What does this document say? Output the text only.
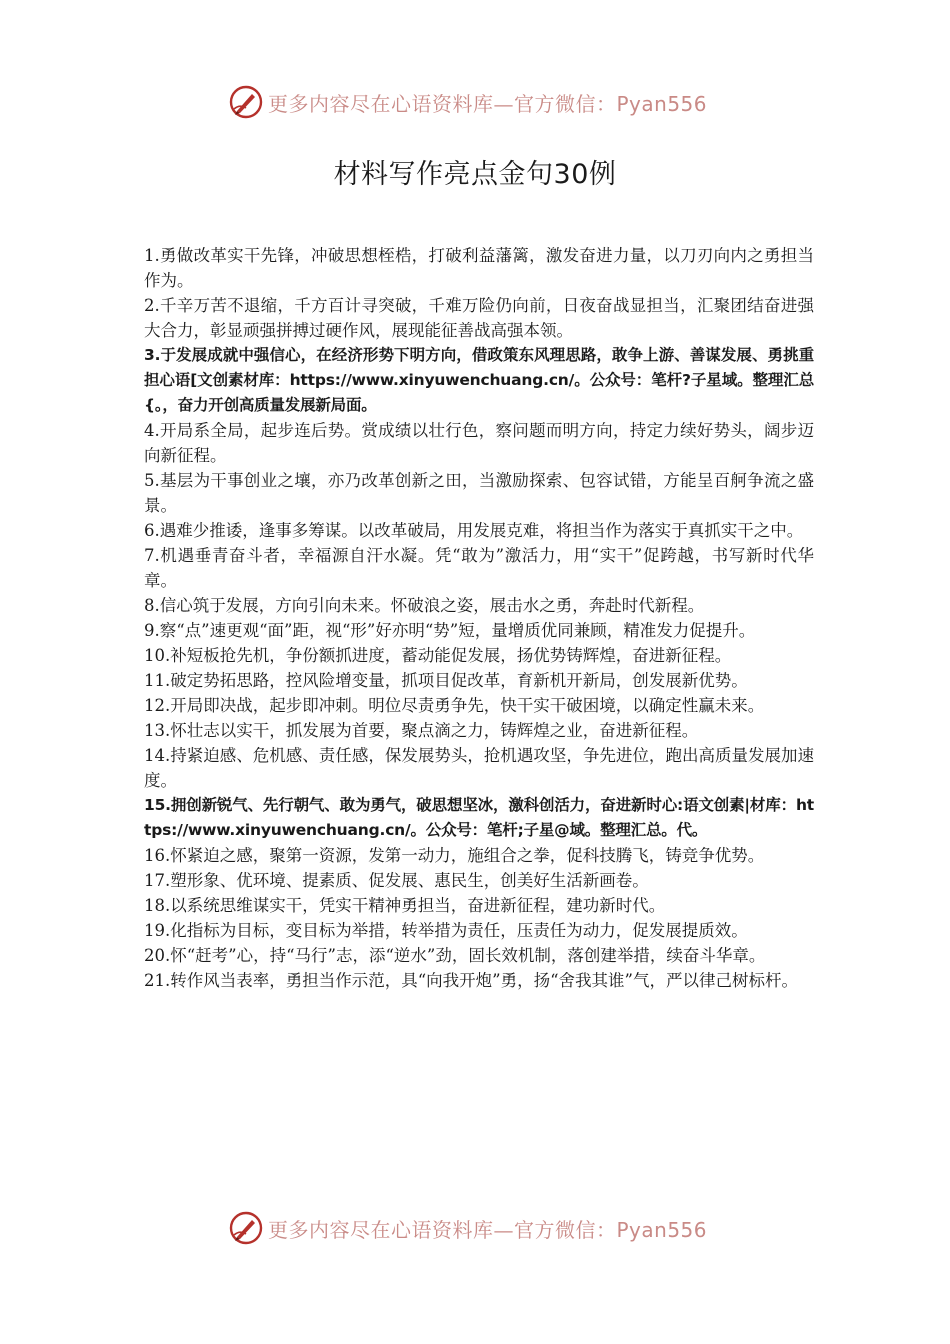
更多内容尽在心语资料库—官方微信：Pyan556
材料写作亮点金句30例

1.勇做改革实干先锋，冲破思想桎梏，打破利益藩篱，激发奋进力量，以刀刃向内之勇担当作为。

2.千辛万苦不退缩，千方百计寻突破，千难万险仍向前，日夜奋战显担当，汇聚团结奋进强大合力，彰显顽强拼搏过硬作风，展现能征善战高强本领。

3.于发展成就中强信心，在经济形势下明方向，借政策东风理思路，敢争上游、善谋发展、勇挑重担心语[文创素材库：https://www.xinyuwenchuang.cn/。公众号：笔杆?子星域。整理汇总{。，奋力开创高质量发展新局面。

4.开局系全局，起步连后势。赏成绩以壮行色，察问题而明方向，持定力续好势头，阔步迈向新征程。

5.基层为干事创业之壤，亦乃改革创新之田，当激励探索、包容试错，方能呈百舸争流之盛景。

6.遇难少推诿，逢事多筹谋。以改革破局，用发展克难，将担当作为落实于真抓实干之中。

7.机遇垂青奋斗者，幸福源自汗水凝。凭“敢为”激活力，用“实干”促跨越，书写新时代华章。

8.信心筑于发展，方向引向未来。怀破浪之姿，展击水之勇，奔赴时代新程。

9.察“点”速更观“面”距，视“形”好亦明“势”短，量增质优同兼顾，精准发力促提升。

10.补短板抢先机，争份额抓进度，蓄动能促发展，扬优势铸辉煌，奋进新征程。

11.破定势拓思路，控风险增变量，抓项目促改革，育新机开新局，创发展新优势。

12.开局即决战，起步即冲刺。明位尽责勇争先，快干实干破困境，以确定性赢未来。

13.怀壮志以实干，抓发展为首要，聚点滴之力，铸辉煌之业，奋进新征程。

14.持紧迫感、危机感、责任感，保发展势头，抢机遇攻坚，争先进位，跑出高质量发展加速度。

15.拥创新锐气、先行朝气、敢为勇气，破思想坚冰，激科创活力，奋进新时心:语文创素|材库：https://www.xinyuwenchuang.cn/。公众号：笔杆;子星@域。整理汇总。代。

16.怀紧迫之感，聚第一资源，发第一动力，施组合之拳，促科技腾飞，铸竞争优势。

17.塑形象、优环境、提素质、促发展、惠民生，创美好生活新画卷。

18.以系统思维谋实干，凭实干精神勇担当，奋进新征程，建功新时代。

19.化指标为目标，变目标为举措，转举措为责任，压责任为动力，促发展提质效。

20.怀“赶考”心，持“马行”志，添“逆水”劲，固长效机制，落创建举措，续奋斗华章。

21.转作风当表率，勇担当作示范，具“向我开炮”勇，扬“舍我其谁”气，严以律己树标杆。

更多内容尽在心语资料库—官方微信：Pyan556
